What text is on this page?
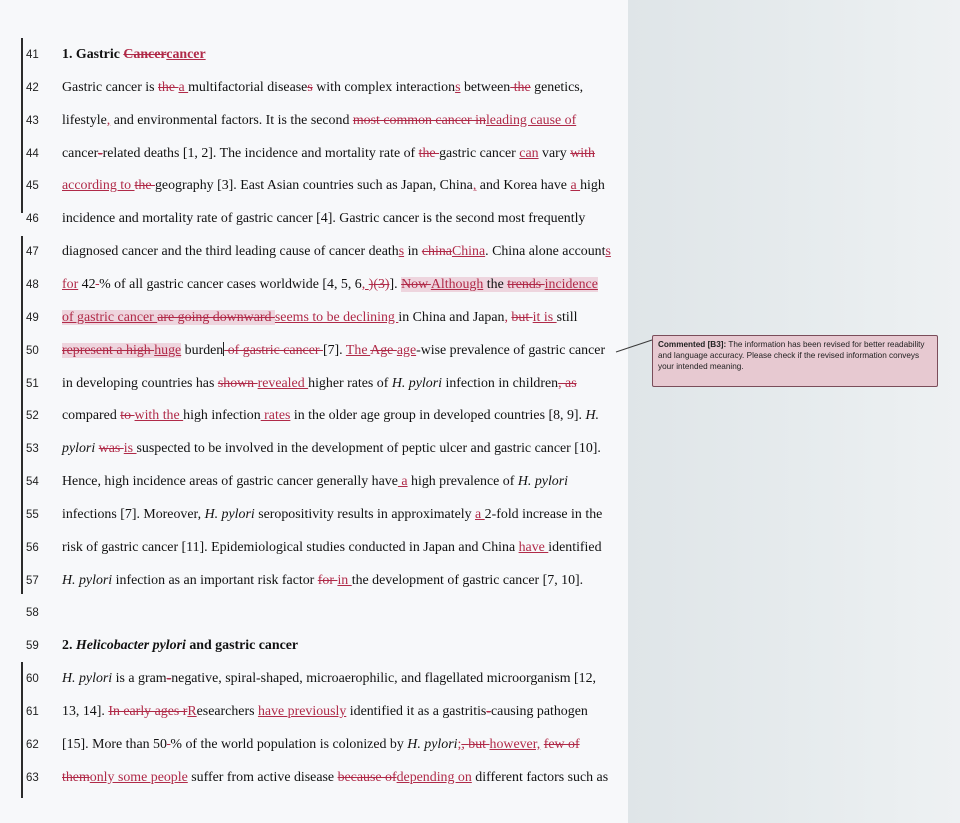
41	1. Gastric Cancercancer
42	Gastric cancer is the a multifactorial diseases with complex interactions between the genetics,
43	lifestyle, and environmental factors. It is the second most common cancer inleading cause of
44	cancer-related deaths [1, 2]. The incidence and mortality rate of the gastric cancer can vary with
45	according to the geography [3]. East Asian countries such as Japan, China, and Korea have a high
46	incidence and mortality rate of gastric cancer [4]. Gastric cancer is the second most frequently
47	diagnosed cancer and the third leading cause of cancer deaths in chinaChina. China alone accounts
48	for 42 % of all gastric cancer cases worldwide [4, 5, 6, )(3)]. Now Although the trends incidence
49	of gastric cancer are going downward seems to be declining in China and Japan, but it is still
50	represent a high huge burden of gastric cancer [7]. The Age age-wise prevalence of gastric cancer
51	in developing countries has shown revealed higher rates of H. pylori infection in children, as
52	compared to with the high infection rates in the older age group in developed countries [8, 9]. H.
53	pylori was is suspected to be involved in the development of peptic ulcer and gastric cancer [10].
54	Hence, high incidence areas of gastric cancer generally have a high prevalence of H. pylori
55	infections [7]. Moreover, H. pylori seropositivity results in approximately a 2-fold increase in the
56	risk of gastric cancer [11]. Epidemiological studies conducted in Japan and China have identified
57	H. pylori infection as an important risk factor for in the development of gastric cancer [7, 10].
58
59	2. Helicobacter pylori and gastric cancer
60	H. pylori is a gram-negative, spiral-shaped, microaerophilic, and flagellated microorganism [12,
61	13, 14]. In early ages rResearchers have previously identified it as a gastritis-causing pathogen
62	[15]. More than 50 % of the world population is colonized by H. pylori;, but however, few of
63	themonly some people suffer from active disease because ofdepending on different factors such as
Commented [B3]: The information has been revised for better readability and language accuracy. Please check if the revised information conveys your intended meaning.
